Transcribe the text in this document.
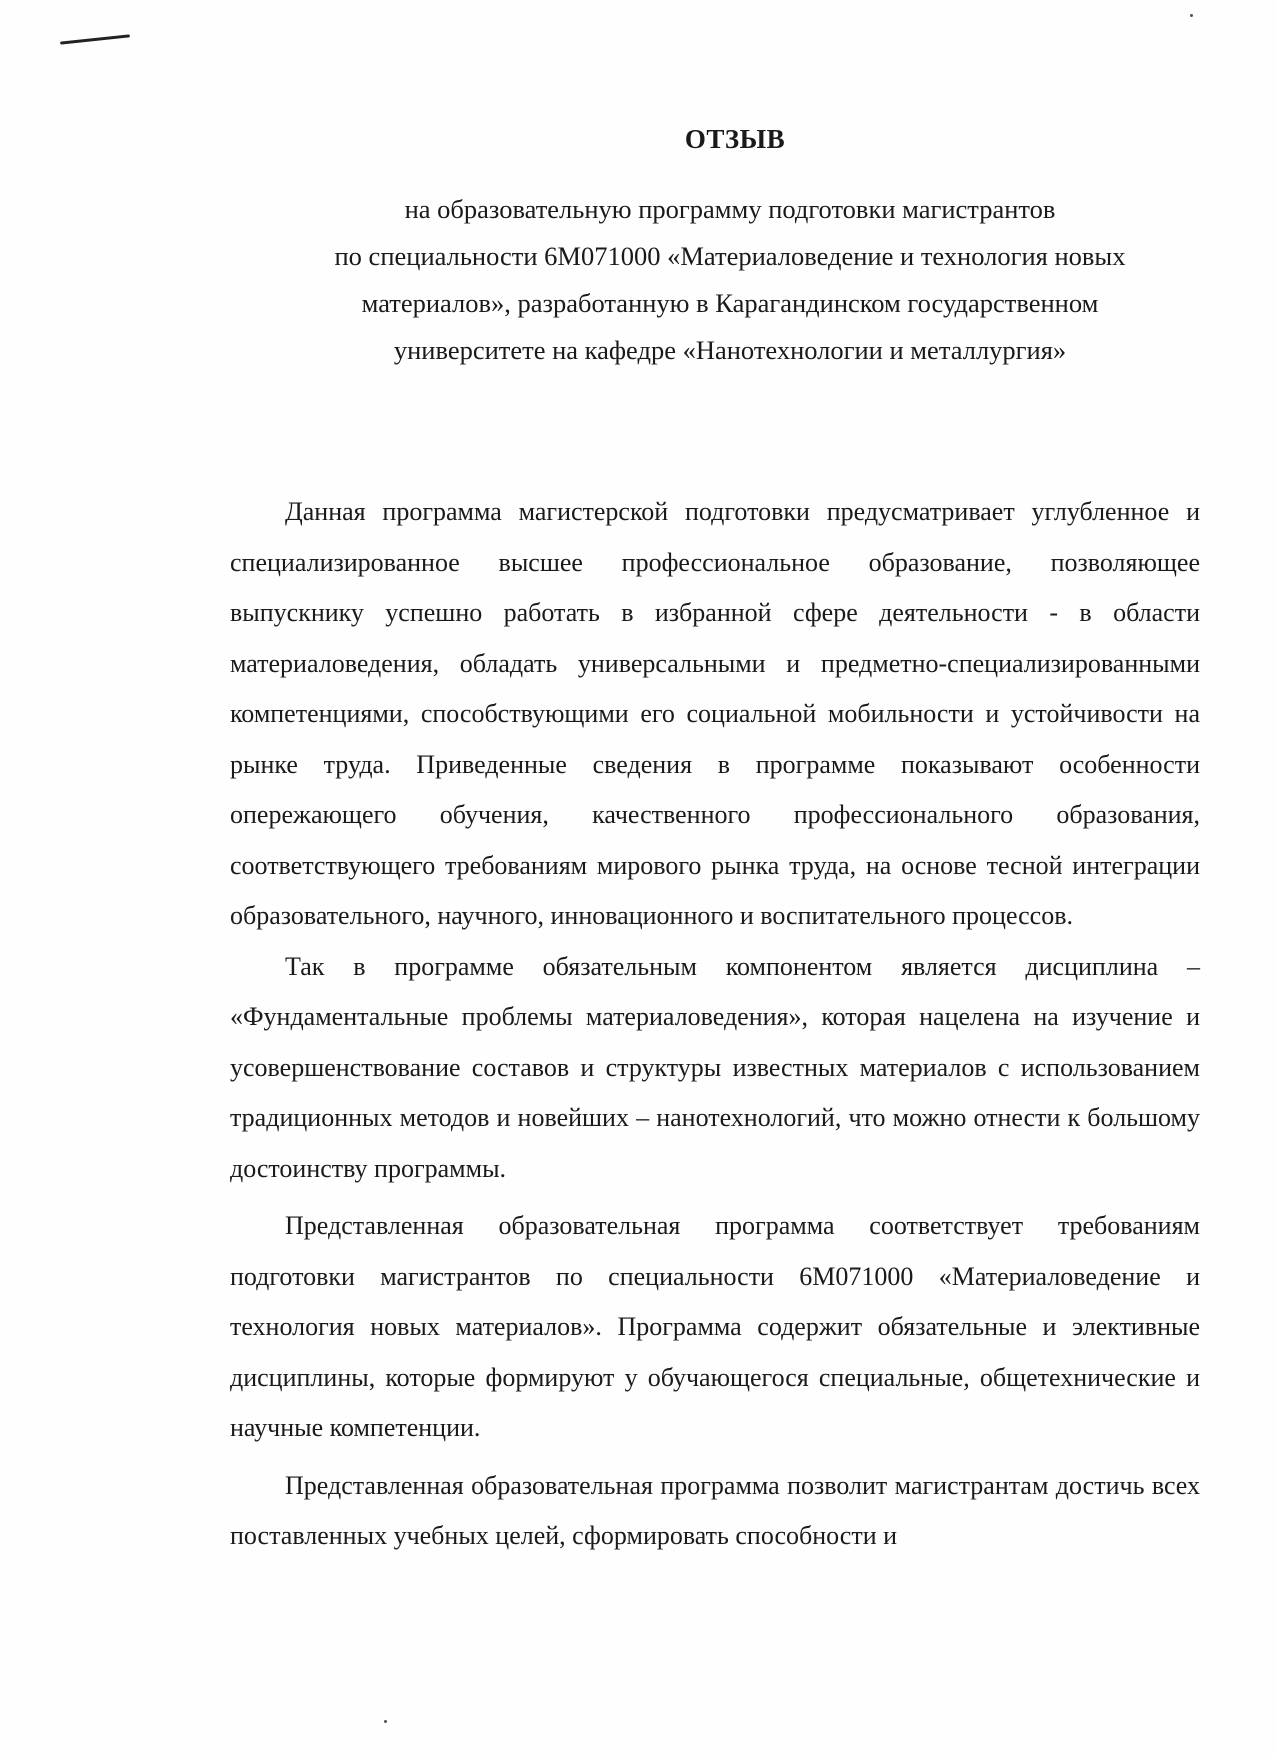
ОТЗЫВ
на образовательную программу подготовки магистрантов
по специальности 6М071000 «Материаловедение и технология новых
материалов», разработанную в Карагандинском государственном
университете на кафедре «Нанотехнологии и металлургия»

Данная программа магистерской подготовки предусматривает углубленное и специализированное высшее профессиональное образование, позволяющее выпускнику успешно работать в избранной сфере деятельности - в области материаловедения, обладать универсальными и предметно-специализированными компетенциями, способствующими его социальной мобильности и устойчивости на рынке труда. Приведенные сведения в программе показывают особенности опережающего обучения, качественного профессионального образования, соответствующего требованиям мирового рынка труда, на основе тесной интеграции образовательного, научного, инновационного и воспитательного процессов.

Так в программе обязательным компонентом является дисциплина – «Фундаментальные проблемы материаловедения», которая нацелена на изучение и усовершенствование составов и структуры известных материалов с использованием традиционных методов и новейших – нанотехнологий, что можно отнести к большому достоинству программы.

Представленная образовательная программа соответствует требованиям подготовки магистрантов по специальности 6М071000 «Материаловедение и технология новых материалов». Программа содержит обязательные и элективные дисциплины, которые формируют у обучающегося специальные, общетехнические и научные компетенции.

Представленная образовательная программа позволит магистрантам достичь всех поставленных учебных целей, сформировать способности и
